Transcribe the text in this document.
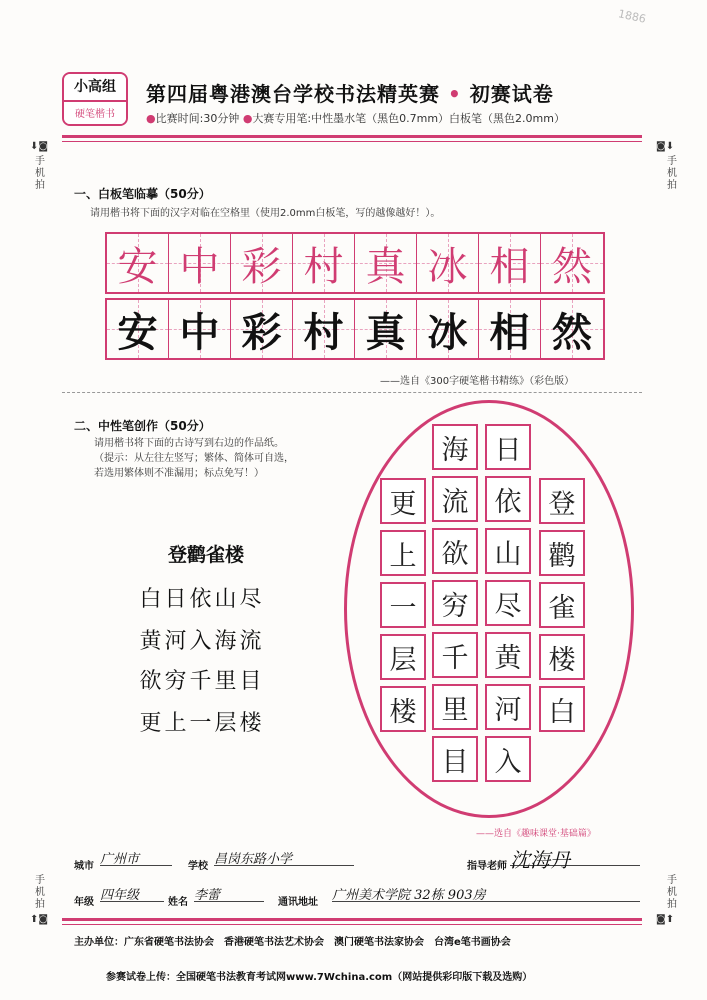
1886
小高组
硬笔楷书
第四届粤港澳台学校书法精英赛 • 初赛试卷
●比赛时间:30分钟 ●大赛专用笔:中性墨水笔（黑色0.7mm）白板笔（黑色2.0mm）
⬇◙
手机拍
◙⬇
手机拍
手机拍
⬆◙
手机拍
◙⬆
一、白板笔临摹（50分）
请用楷书将下面的汉字对临在空格里（使用2.0mm白板笔，写的越像越好！）。
安 中 彩 村 真 冰 相 然
安 中 彩 村 真 冰 相 然
——选自《300字硬笔楷书精练》（彩色版）
二、中性笔创作（50分）
请用楷书将下面的古诗写到右边的作品纸。
（提示：从左往左竖写；繁体、简体可自选，
若选用繁体则不准漏用；标点免写！）
登鹳雀楼
白日依山尽
黄河入海流
欲穷千里目
更上一层楼
登
鹳
雀
楼
白
日
依
山
尽
黄
河
入
海
流
欲
穷
千
里
目
更
上
一
层
楼
——选自《趣味课堂·基础篇》
城市 广州市	学校 昌岗东路小学	指导老师 沈海丹
年级 四年级	姓名 李蕾	通讯地址 广州美术学院 32栋 903房
主办单位：广东省硬笔书法协会　香港硬笔书法艺术协会　澳门硬笔书法家协会　台湾e笔书画协会
参赛试卷上传：全国硬笔书法教育考试网www.7Wchina.com（网站提供彩印版下载及选购）
